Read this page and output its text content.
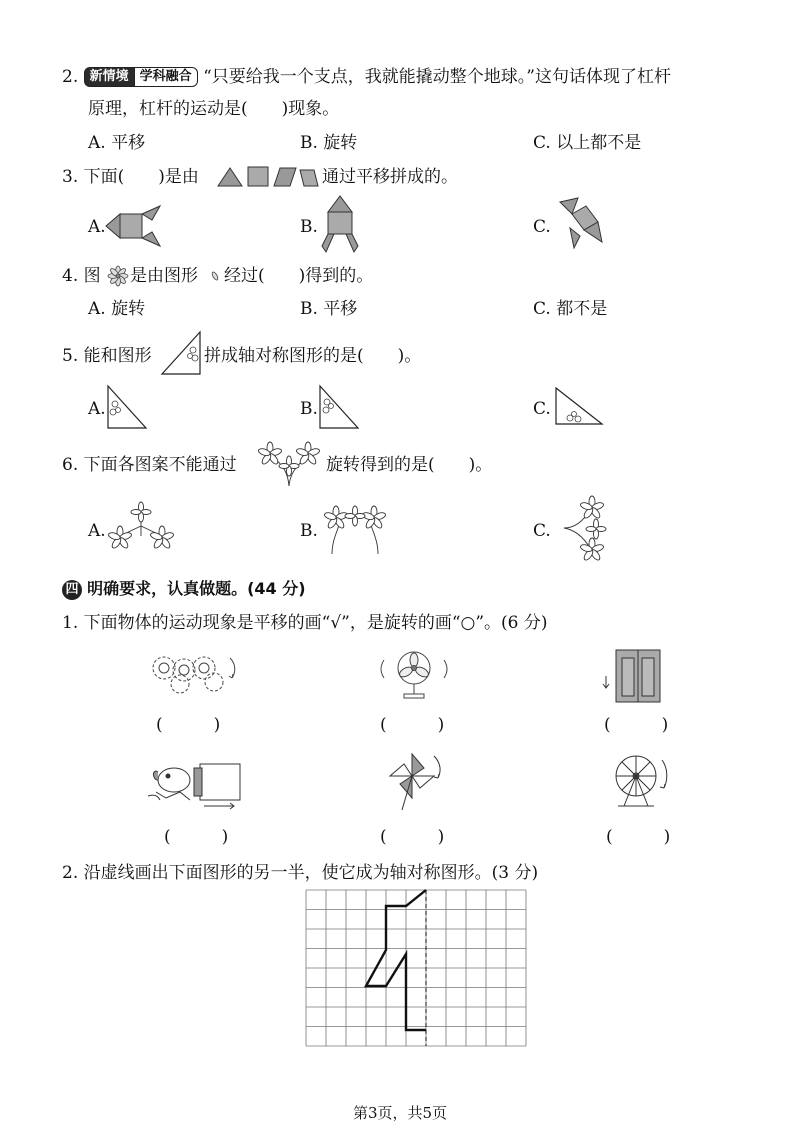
2. 新情境 学科融合 “只要给我一个支点，我就能撬动整个地球。”这句话体现了杠杆
原理，杠杆的运动是(　　)现象。
A. 平移	B. 旋转	C. 以上都不是
3. 下面(　　)是由	通过平移拼成的。
A.	B.	C.
4. 图 是由图形 经过(　　)得到的。
A. 旋转	B. 平移	C. 都不是
5. 能和图形	拼成轴对称图形的是(　　)。
A.	B.	C.
6. 下面各图案不能通过	旋转得到的是(　　)。
A.	B.	C.
四 明确要求，认真做题。(44 分)
1. 下面物体的运动现象是平移的画“√”，是旋转的画“○”。(6 分)
(　　　)	(　　　)	(　　　)
(　　　)	(　　　)	(　　　)
2. 沿虚线画出下面图形的另一半，使它成为轴对称图形。(3 分)
第3页，共5页
